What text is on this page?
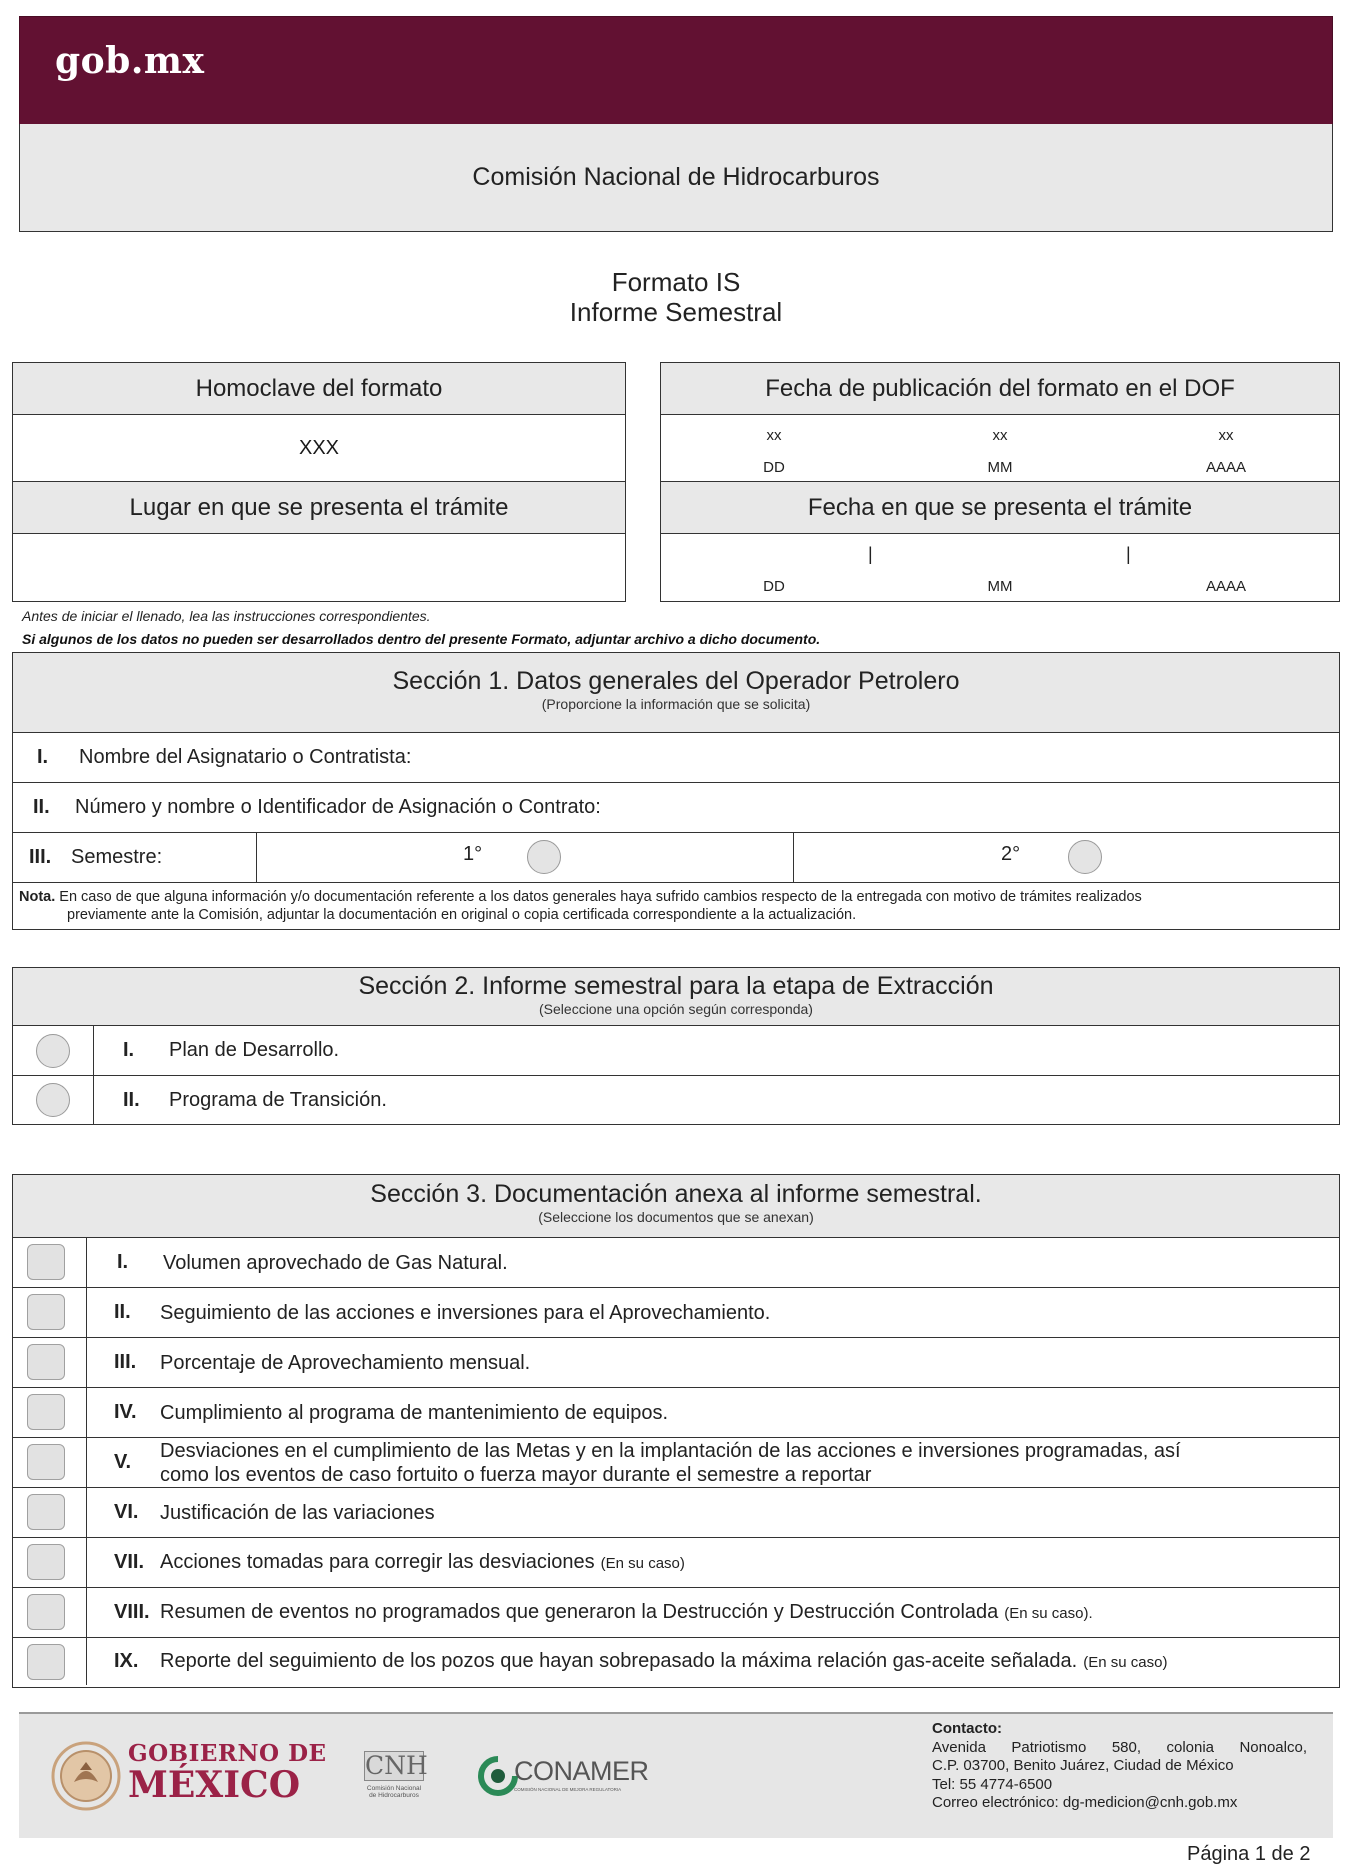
gob.mx
Comisión Nacional de Hidrocarburos
Formato IS
Informe Semestral
Homoclave del formato
XXX
Lugar en que se presenta el trámite
Fecha de publicación del formato en el DOF
xx	xx	xx
DD	MM	AAAA
Fecha en que se presenta el trámite
|	|
DD	MM	AAAA
Antes de iniciar el llenado, lea las instrucciones correspondientes.
Si algunos de los datos no pueden ser desarrollados dentro del presente Formato, adjuntar archivo a dicho documento.
Sección 1. Datos generales del Operador Petrolero
(Proporcione la información que se solicita)
I.	Nombre del Asignatario o Contratista:
II.	Número y nombre o Identificador de Asignación o Contrato:
III. Semestre:	1°	2°
Nota. En caso de que alguna información y/o documentación referente a los datos generales haya sufrido cambios respecto de la entregada con motivo de trámites realizados
previamente ante la Comisión, adjuntar la documentación en original o copia certificada correspondiente a la actualización.
Sección 2. Informe semestral para la etapa de Extracción
(Seleccione una opción según corresponda)
I.	Plan de Desarrollo.
II.	Programa de Transición.
Sección 3. Documentación anexa al informe semestral.
(Seleccione los documentos que se anexan)
I.	Volumen aprovechado de Gas Natural.
II.	Seguimiento de las acciones e inversiones para el Aprovechamiento.
III.	Porcentaje de Aprovechamiento mensual.
IV.	Cumplimiento al programa de mantenimiento de equipos.
V.
Desviaciones en el cumplimiento de las Metas y en la implantación de las acciones e inversiones programadas, así
como los eventos de caso fortuito o fuerza mayor durante el semestre a reportar
VI.	Justificación de las variaciones
VII. Acciones tomadas para corregir las desviaciones (En su caso)
VIII. Resumen de eventos no programados que generaron la Destrucción y Destrucción Controlada (En su caso).
IX.	Reporte del seguimiento de los pozos que hayan sobrepasado la máxima relación gas-aceite señalada. (En su caso)
GOBIERNO DE
MÉXICO	CNH
Comisión Nacional
de Hidrocarburos
CONAMER
COMISIÓN NACIONAL DE MEJORA REGULATORIA
Contacto:
Avenida Patriotismo 580, colonia Nonoalco,
C.P. 03700, Benito Juárez, Ciudad de México
Tel: 55 4774-6500
Correo electrónico: dg-medicion@cnh.gob.mx
Página 1 de 2
